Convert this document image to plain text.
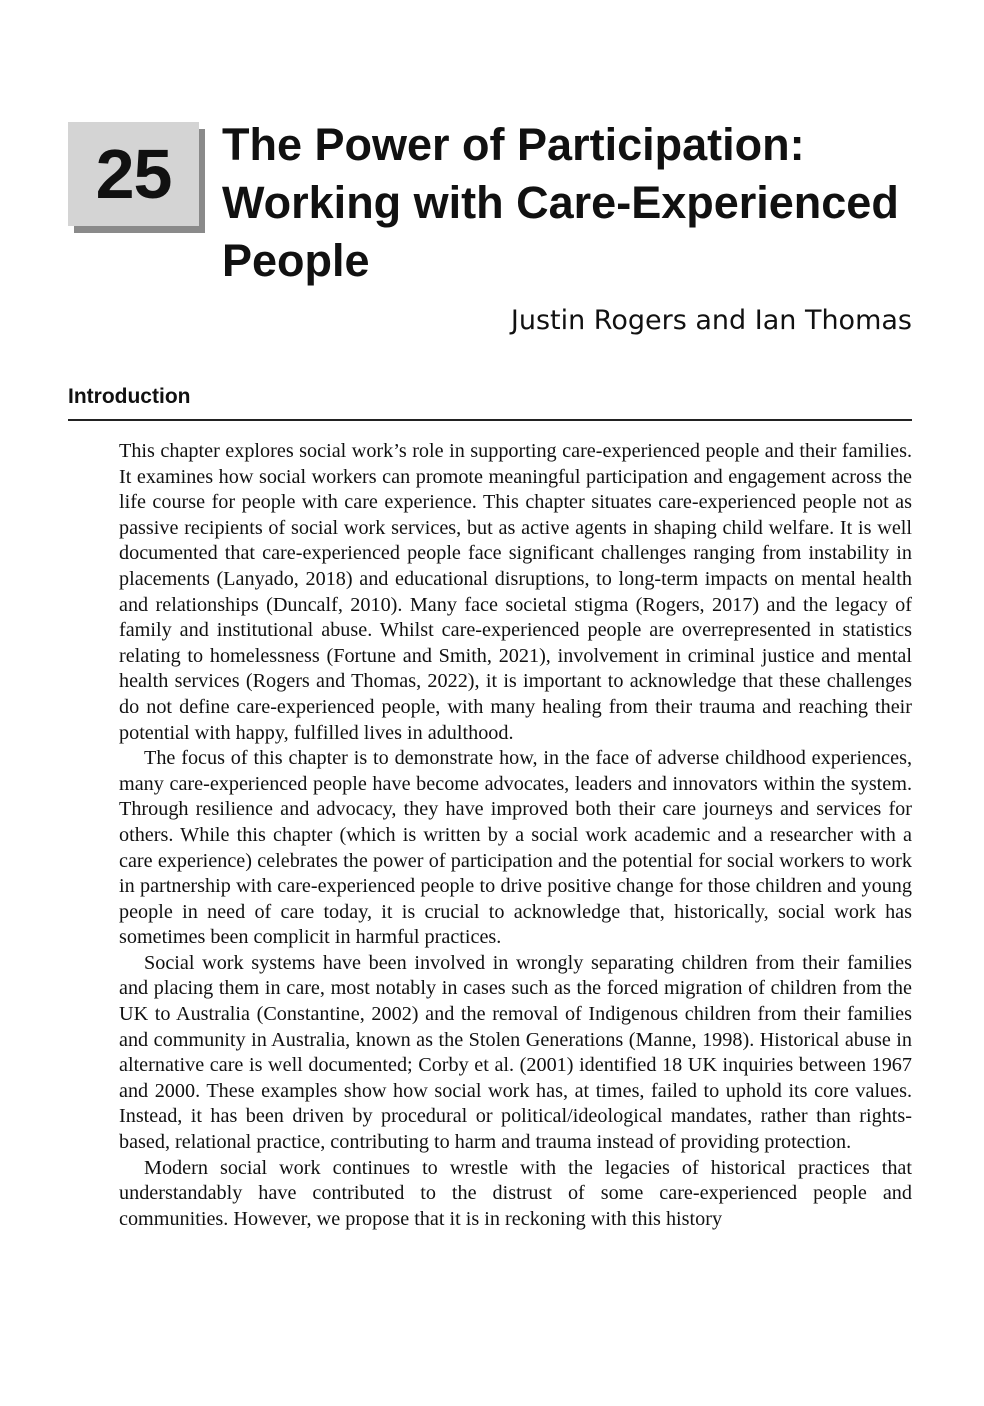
25 The Power of Participation:
Working with Care-Experienced
People
Justin Rogers and Ian Thomas
Introduction

This chapter explores social work’s role in supporting care-experienced people and their families. It examines how social workers can promote meaningful participation and engagement across the life course for people with care experience. This chapter situates care-experienced people not as passive recipients of social work services, but as active agents in shaping child welfare. It is well documented that care-experienced people face significant challenges ranging from instability in placements (Lanyado, 2018) and educational disruptions, to long-term impacts on mental health and relationships (Duncalf, 2010). Many face societal stigma (Rogers, 2017) and the legacy of family and institutional abuse. Whilst care-experienced people are overrepresented in statistics relating to homelessness (Fortune and Smith, 2021), involvement in criminal justice and mental health services (Rogers and Thomas, 2022), it is important to acknowledge that these challenges do not define care-experienced people, with many healing from their trauma and reaching their potential with happy, fulfilled lives in adulthood.

The focus of this chapter is to demonstrate how, in the face of adverse childhood experiences, many care-experienced people have become advocates, leaders and innovators within the system. Through resilience and advocacy, they have improved both their care journeys and services for others. While this chapter (which is written by a social work academic and a researcher with a care experience) celebrates the power of participation and the potential for social workers to work in partnership with care-experienced people to drive positive change for those children and young people in need of care today, it is crucial to acknowledge that, historically, social work has sometimes been complicit in harmful practices.

Social work systems have been involved in wrongly separating children from their families and placing them in care, most notably in cases such as the forced migration of children from the UK to Australia (Constantine, 2002) and the removal of Indigenous children from their families and community in Australia, known as the Stolen Generations (Manne, 1998). Historical abuse in alternative care is well documented; Corby et al. (2001) identified 18 UK inquiries between 1967 and 2000. These examples show how social work has, at times, failed to uphold its core values. Instead, it has been driven by procedural or political/ideological mandates, rather than rights-based, relational practice, contributing to harm and trauma instead of providing protection.

Modern social work continues to wrestle with the legacies of historical practices that understandably have contributed to the distrust of some care-experienced people and communities. However, we propose that it is in reckoning with this history
